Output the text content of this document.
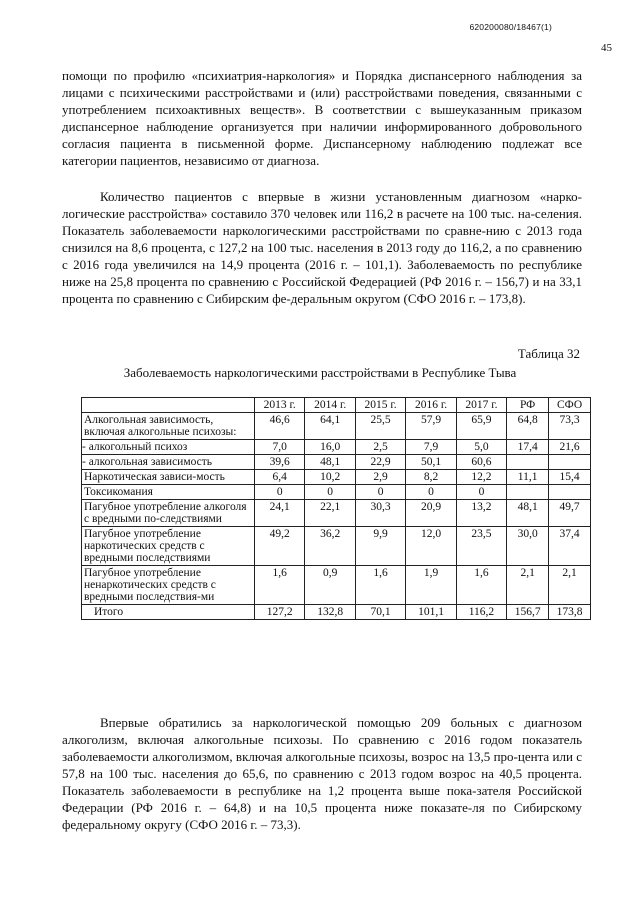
620200080/18467(1)
45

помощи по профилю «психиатрия-наркология» и Порядка диспансерного наблюдения за лицами с психическими расстройствами и (или) расстройствами поведения, связанными с употреблением психоактивных веществ». В соответствии с вышеуказанным приказом диспансерное наблюдение организуется при наличии информированного добровольного согласия пациента в письменной форме. Диспансерному наблюдению подлежат все категории пациентов, независимо от диагноза.

Количество пациентов с впервые в жизни установленным диагнозом «нарко-логические расстройства» составило 370 человек или 116,2 в расчете на 100 тыс. на-селения. Показатель заболеваемости наркологическими расстройствами по сравне-нию с 2013 года снизился на 8,6 процента, с 127,2 на 100 тыс. населения в 2013 году до 116,2, а по сравнению с 2016 года увеличился на 14,9 процента (2016 г. – 101,1). Заболеваемость по республике ниже на 25,8 процента по сравнению с Российской Федерацией (РФ 2016 г. – 156,7) и на 33,1 процента по сравнению с Сибирским фе-деральным округом (СФО 2016 г. – 173,8).

Таблица 32
Заболеваемость наркологическими расстройствами в Республике Тыва
	2013 г.	2014 г.	2015 г.	2016 г.	2017 г.	РФ	СФО
Алкогольная зависимость, включая алкогольные психозы:	46,6	64,1	25,5	57,9	65,9	64,8	73,3
- алкогольный психоз	7,0	16,0	2,5	7,9	5,0	17,4	21,6
- алкогольная зависимость	39,6	48,1	22,9	50,1	60,6		
Наркотическая зависи-мость	6,4	10,2	2,9	8,2	12,2	11,1	15,4
Токсикомания	0	0	0	0	0		
Пагубное употребление алкоголя с вредными по-следствиями	24,1	22,1	30,3	20,9	13,2	48,1	49,7
Пагубное употребление наркотических средств с вредными последствиями	49,2	36,2	9,9	12,0	23,5	30,0	37,4
Пагубное употребление ненаркотических средств с вредными последствия-ми	1,6	0,9	1,6	1,9	1,6	2,1	2,1
Итого	127,2	132,8	70,1	101,1	116,2	156,7	173,8

Впервые обратились за наркологической помощью 209 больных с диагнозом алкоголизм, включая алкогольные психозы. По сравнению с 2016 годом показатель заболеваемости алкоголизмом, включая алкогольные психозы, возрос на 13,5 про-цента или с 57,8 на 100 тыс. населения до 65,6, по сравнению с 2013 годом возрос на 40,5 процента. Показатель заболеваемости в республике на 1,2 процента выше пока-зателя Российской Федерации (РФ 2016 г. – 64,8) и на 10,5 процента ниже показате-ля по Сибирскому федеральному округу (СФО 2016 г. – 73,3).
